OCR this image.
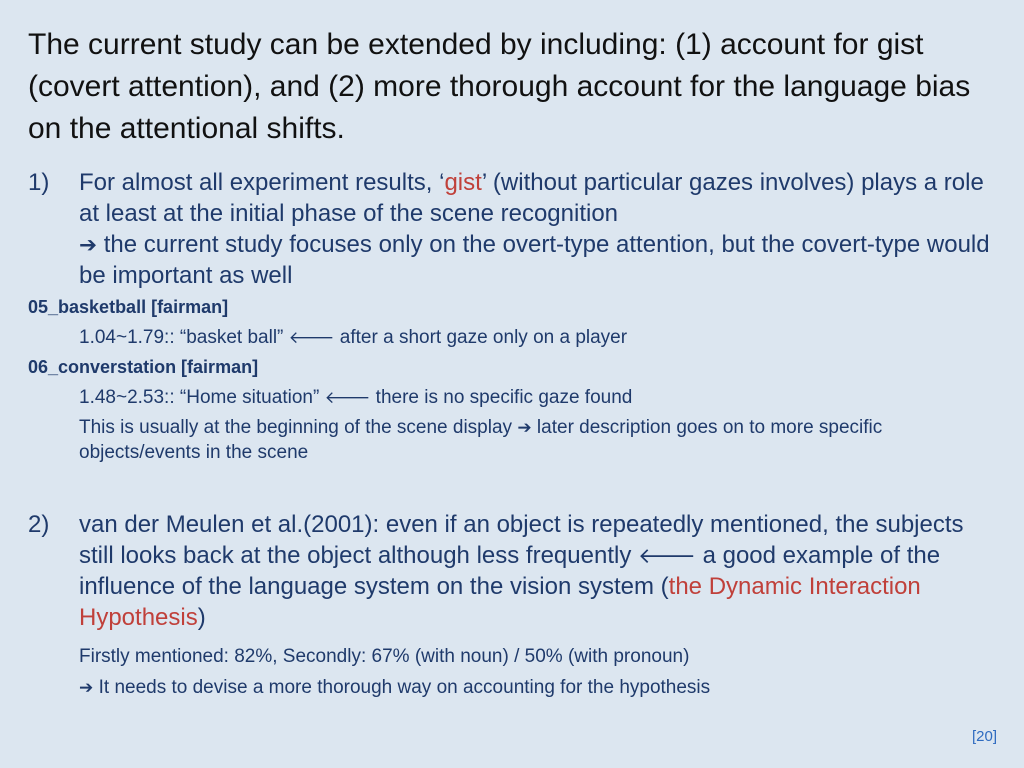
The current study can be extended by including: (1) account for gist (covert attention), and (2) more thorough account for the language bias on the attentional shifts.
1) For almost all experiment results, ‘gist’ (without particular gazes involves) plays a role at least at the initial phase of the scene recognition
➔ the current study focuses only on the overt-type attention, but the covert-type would be important as well
05_basketball [fairman]
1.04~1.79:: “basket ball” 🡐 after a short gaze only on a player
06_converstation [fairman]
1.48~2.53:: “Home situation” 🡐 there is no specific gaze found
This is usually at the beginning of the scene display ➔ later description goes on to more specific objects/events in the scene
2) van der Meulen et al.(2001): even if an object is repeatedly mentioned, the subjects still looks back at the object although less frequently 🡐 a good example of the influence of the language system on the vision system (the Dynamic Interaction Hypothesis)
Firstly mentioned: 82%, Secondly: 67% (with noun) / 50% (with pronoun)
➔ It needs to devise a more thorough way on accounting for the hypothesis
[20]
